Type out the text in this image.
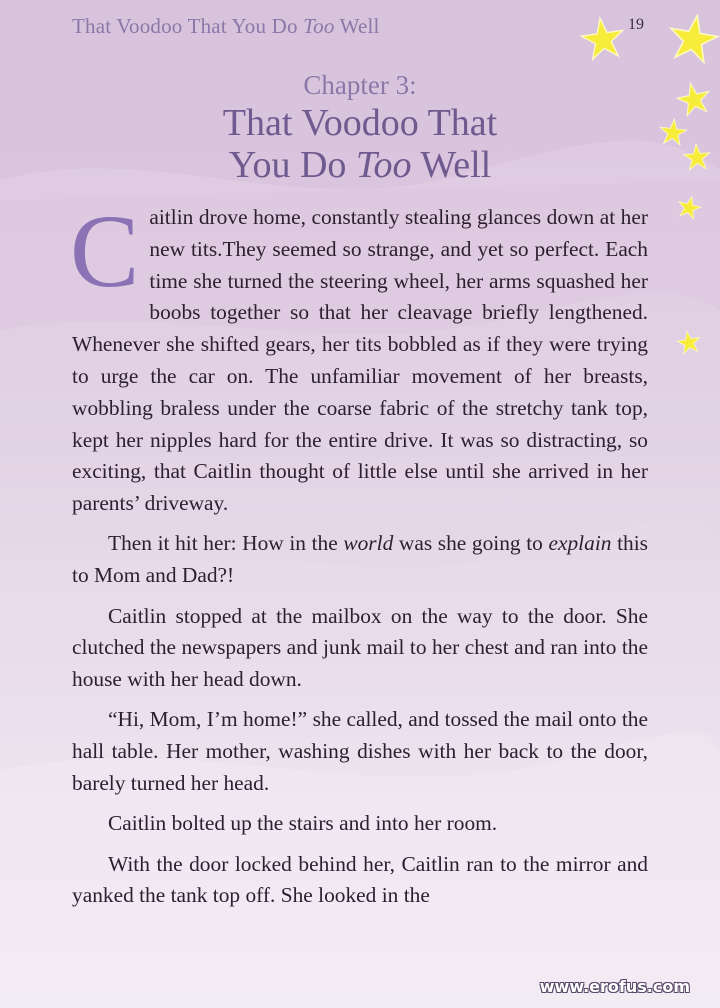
That Voodoo That You Do Too Well	19
Chapter 3:
That Voodoo That
You Do Too Well

Caitlin drove home, constantly stealing glances down at her new tits.They seemed so strange, and yet so perfect. Each time she turned the steering wheel, her arms squashed her boobs together so that her cleavage briefly lengthened. Whenever she shifted gears, her tits bobbled as if they were trying to urge the car on. The unfamiliar movement of her breasts, wobbling braless under the coarse fabric of the stretchy tank top, kept her nipples hard for the entire drive. It was so distracting, so exciting, that Caitlin thought of little else until she arrived in her parents’ driveway.

Then it hit her: How in the world was she going to explain this to Mom and Dad?!

Caitlin stopped at the mailbox on the way to the door. She clutched the newspapers and junk mail to her chest and ran into the house with her head down.

“Hi, Mom, I’m home!” she called, and tossed the mail onto the hall table. Her mother, washing dishes with her back to the door, barely turned her head.

Caitlin bolted up the stairs and into her room.

With the door locked behind her, Caitlin ran to the mirror and yanked the tank top off. She looked in the

www.erofus.com
